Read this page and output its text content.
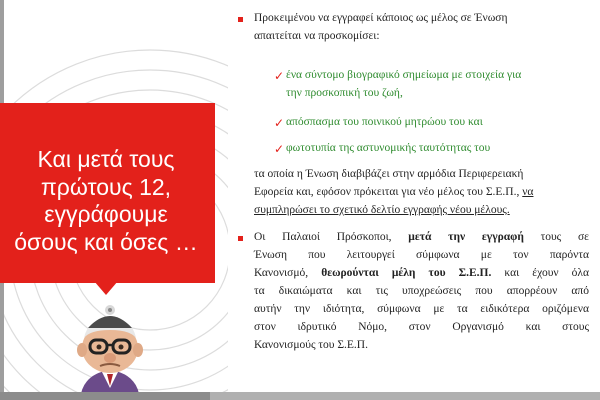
Και μετά τους
πρώτους 12,
εγγράφουμε
όσους και όσες …

Προκειμένου να εγγραφεί κάποιος ως μέλος σε Ένωση
απαιτείται να προσκομίσει:

✓ ένα σύντομο βιογραφικό σημείωμα με στοιχεία για
την προσκοπική του ζωή,

✓ απόσπασμα του ποινικού μητρώου του και

✓ φωτοτυπία της αστυνομικής ταυτότητας του

τα οποία η Ένωση διαβιβάζει στην αρμόδια Περιφερειακή
Εφορεία και, εφόσον πρόκειται για νέο μέλος του Σ.Ε.Π., να
συμπληρώσει το σχετικό δελτίο εγγραφής νέου μέλους.

Οι Παλαιοί Πρόσκοποι, μετά την εγγραφή τους σε
Ένωση που λειτουργεί σύμφωνα με τον παρόντα
Κανονισμό, θεωρούνται μέλη του Σ.Ε.Π. και έχουν όλα
τα δικαιώματα και τις υποχρεώσεις που απορρέουν από
αυτήν την ιδιότητα, σύμφωνα με τα ειδικότερα οριζόμενα
στον ιδρυτικό Νόμο, στον Οργανισμό και στους
Κανονισμούς του Σ.Ε.Π.
